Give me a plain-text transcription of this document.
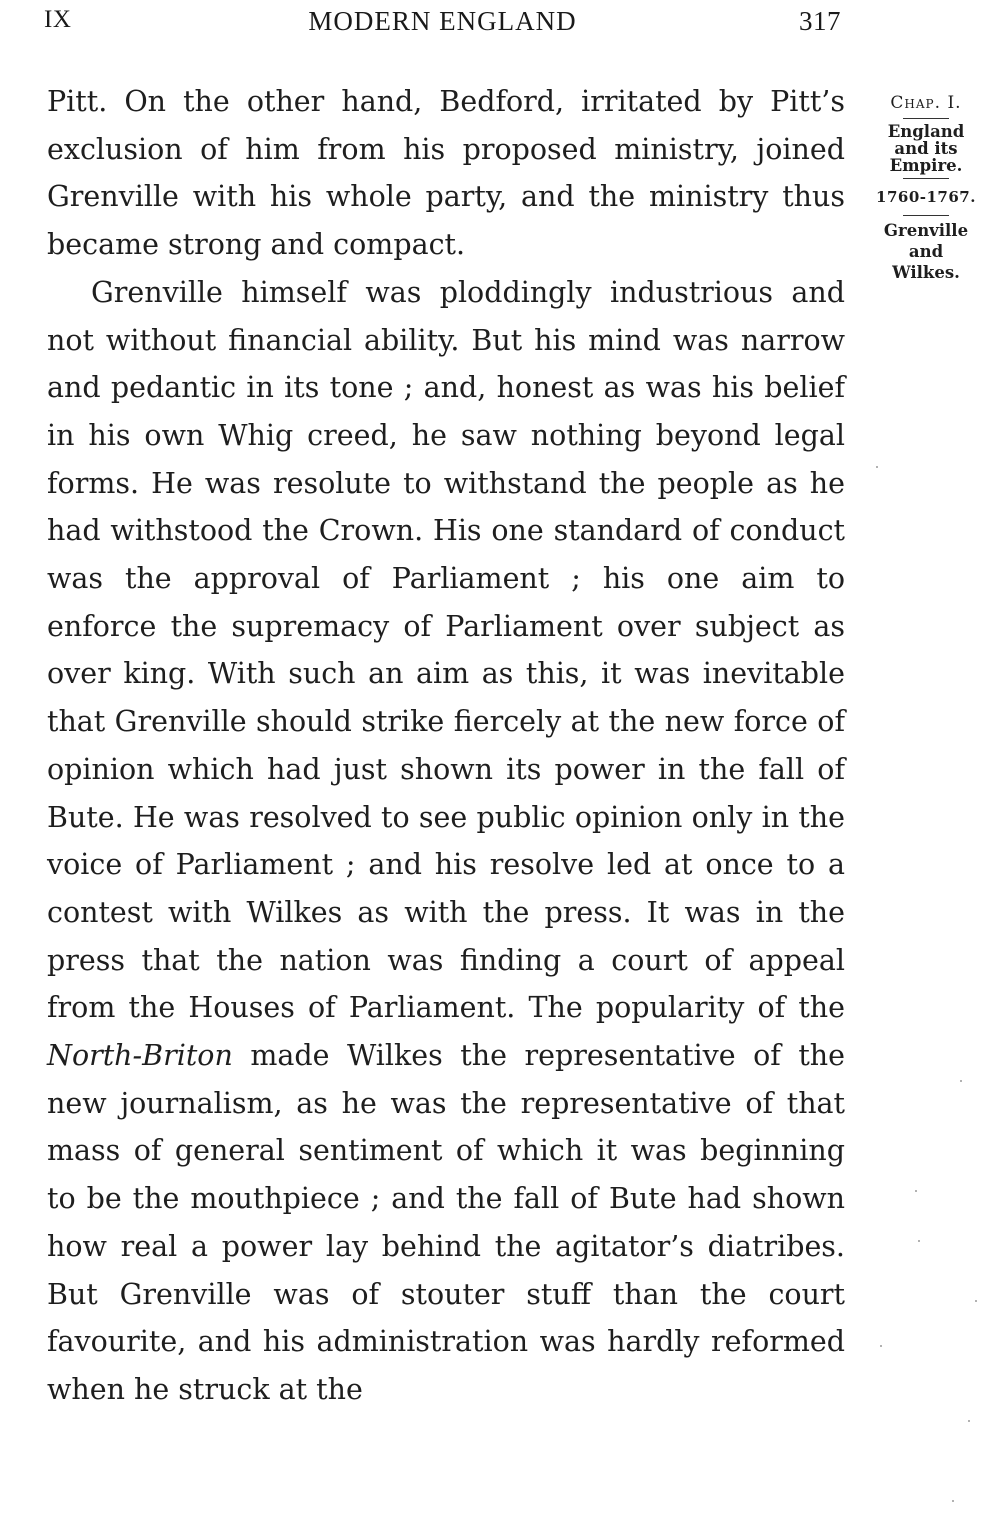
IX	MODERN ENGLAND	317

Pitt. On the other hand, Bedford, irritated by Pitt’s exclusion of him from his proposed ministry, joined Grenville with his whole party, and the ministry thus became strong and compact.

Grenville himself was ploddingly industrious and not without financial ability. But his mind was narrow and pedantic in its tone ; and, honest as was his belief in his own Whig creed, he saw nothing beyond legal forms. He was resolute to withstand the people as he had withstood the Crown. His one standard of conduct was the approval of Parliament ; his one aim to enforce the supremacy of Parliament over subject as over king. With such an aim as this, it was inevitable that Grenville should strike fiercely at the new force of opinion which had just shown its power in the fall of Bute. He was resolved to see public opinion only in the voice of Parliament ; and his resolve led at once to a contest with Wilkes as with the press. It was in the press that the nation was finding a court of appeal from the Houses of Parliament. The popularity of the North-Briton made Wilkes the representative of the new journalism, as he was the representative of that mass of general sentiment of which it was beginning to be the mouthpiece ; and the fall of Bute had shown how real a power lay behind the agitator’s diatribes. But Grenville was of stouter stuff than the court favourite, and his administration was hardly reformed when he struck at the

Chap. I.
England
and its
Empire.
1760-1767.
Grenville
and
Wilkes.
